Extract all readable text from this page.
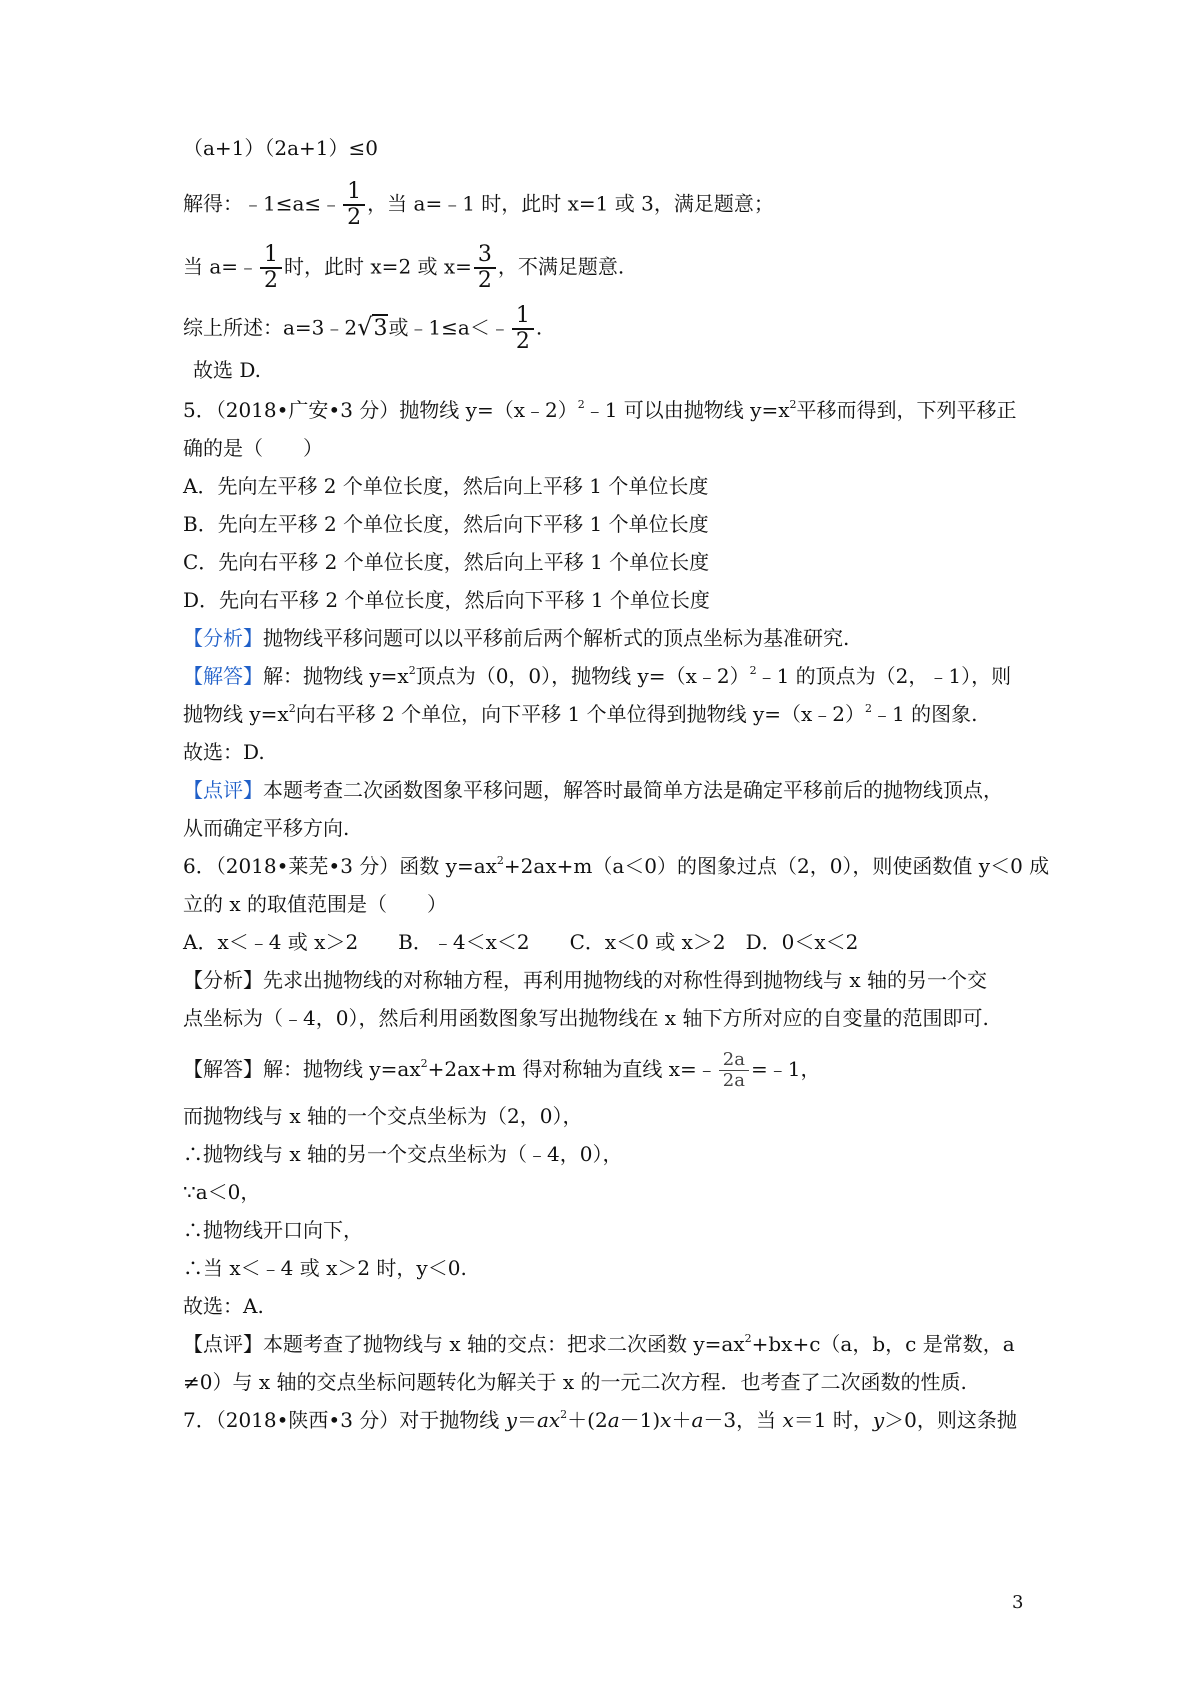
（a+1）（2a+1）≤0
解得：﹣1≤a≤﹣ $\frac{1}{2}$ ，当 a=﹣1 时，此时 x=1 或 3，满足题意；
当 a=﹣ $\frac{1}{2}$ 时，此时 x=2 或 $x= \frac{3}{2}$ ，不满足题意.
综上所述：a=3﹣2√3或﹣1≤a＜﹣ $\frac{1}{2}$ .
故选 D.
5．（2018•广安•3 分）抛物线 y=（x﹣2）$^2$﹣1 可以由抛物线 $y=x^2$平移而得到，下列平移正
确的是（　　）
A．先向左平移 2 个单位长度，然后向上平移 1 个单位长度
B．先向左平移 2 个单位长度，然后向下平移 1 个单位长度
C．先向右平移 2 个单位长度，然后向上平移 1 个单位长度
D．先向右平移 2 个单位长度，然后向下平移 1 个单位长度
【分析】抛物线平移问题可以以平移前后两个解析式的顶点坐标为基准研究.
【解答】解：抛物线 $y=x^2$顶点为（0，0），抛物线 y=（x﹣2）$^2$﹣1 的顶点为（2，﹣1），则
抛物线 $y=x^2$向右平移 2 个单位，向下平移 1 个单位得到抛物线 y=（x﹣2）$^2$﹣1 的图象.
故选：D.
【点评】本题考查二次函数图象平移问题，解答时最简单方法是确定平移前后的抛物线顶点，
从而确定平移方向.
6．（2018•莱芜•3 分）函数 $y=ax^2+2ax+m(a<0)$的图象过点（2，0），则使函数值 y＜0 成
立的 x 的取值范围是（　　）
A．x＜﹣4 或 x＞2　　B．﹣4＜x＜2　　C．x＜0 或 x＞2　D．0＜x＜2
【分析】先求出抛物线的对称轴方程，再利用抛物线的对称性得到抛物线与 x 轴的另一个交
点坐标为（﹣4，0），然后利用函数图象写出抛物线在 x 轴下方所对应的自变量的范围即可.
【解答】解：抛物线 $y=ax^2+2ax+m$ 得对称轴为直线 x=﹣ $\frac{2a}{2a}$ =﹣1，
而抛物线与 x 轴的一个交点坐标为（2，0），
∴抛物线与 x 轴的另一个交点坐标为（﹣4，0），
∵a＜0，
∴抛物线开口向下，
∴当 x＜﹣4 或 x＞2 时，y＜0.
故选：A.
【点评】本题考查了抛物线与 x 轴的交点：把求二次函数 $y=ax^2+bx+c(a$，b，c 是常数，a
≠0）与 x 轴的交点坐标问题转化为解关于 x 的一元二次方程．也考查了二次函数的性质.
7．（2018•陕西•3 分）对于抛物线 $y=ax^2+(2a-1)x+a-3$，当 x＝1 时，y＞0，则这条抛
3
